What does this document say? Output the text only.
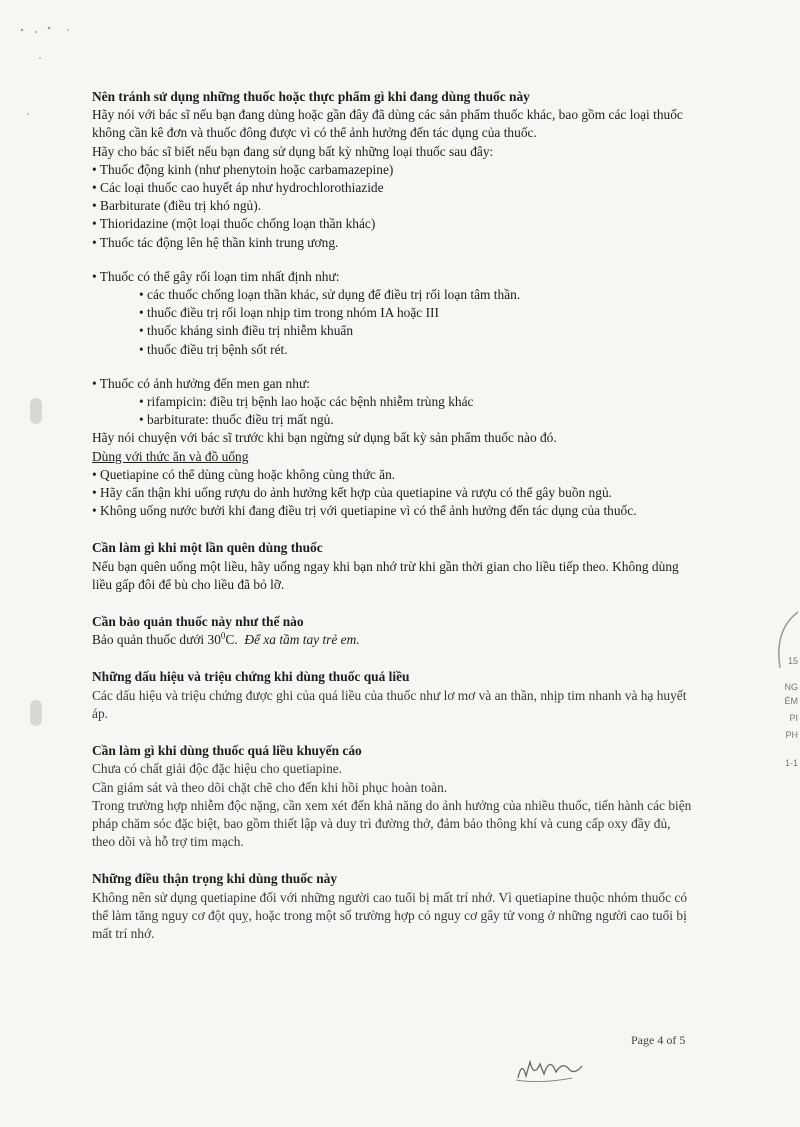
15
NG
ÉM
PI
PH
1-1

Nên tránh sử dụng những thuốc hoặc thực phẩm gì khi đang dùng thuốc này

Hãy nói với bác sĩ nếu bạn đang dùng hoặc gần đây đã dùng các sản phẩm thuốc khác, bao gồm các loại thuốc không cần kê đơn và thuốc đông được vì có thể ảnh hưởng đến tác dụng của thuốc.

Hãy cho bác sĩ biết nếu bạn đang sử dụng bất kỳ những loại thuốc sau đây:

• Thuốc động kinh (như phenytoin hoặc carbamazepine)

• Các loại thuốc cao huyết áp như hydrochlorothiazide

• Barbiturate (điều trị khó ngủ).

• Thioridazine (một loại thuốc chống loạn thần khác)

• Thuốc tác động lên hệ thần kinh trung ương.

• Thuốc có thể gây rối loạn tim nhất định như:

• các thuốc chống loạn thần khác, sử dụng để điều trị rối loạn tâm thần.

• thuốc điều trị rối loạn nhịp tim trong nhóm IA hoặc III

• thuốc kháng sinh điều trị nhiễm khuẩn

• thuốc điều trị bệnh sốt rét.

• Thuốc có ảnh hưởng đến men gan như:

• rifampicin: điều trị bệnh lao hoặc các bệnh nhiễm trùng khác

• barbiturate: thuốc điều trị mất ngủ.

Hãy nói chuyện với bác sĩ trước khi bạn ngừng sử dụng bất kỳ sản phẩm thuốc nào đó.

Dùng với thức ăn và đồ uống

• Quetiapine có thể dùng cùng hoặc không cùng thức ăn.

• Hãy cẩn thận khi uống rượu do ảnh hưởng kết hợp của quetiapine và rượu có thể gây buồn ngủ.

• Không uống nước bưởi khi đang điều trị với quetiapine vì có thể ảnh hưởng đến tác dụng của thuốc.

Cần làm gì khi một lần quên dùng thuốc

Nếu bạn quên uống một liều, hãy uống ngay khi bạn nhớ trừ khi gần thời gian cho liều tiếp theo. Không dùng liều gấp đôi để bù cho liều đã bỏ lỡ.

Cần bảo quản thuốc này như thế nào

Bảo quản thuốc dưới $30^0C$. Để xa tầm tay trẻ em.

Những dấu hiệu và triệu chứng khi dùng thuốc quá liều

Các dấu hiệu và triệu chứng được ghi của quá liều của thuốc như lơ mơ và an thần, nhịp tim nhanh và hạ huyết áp.

Cần làm gì khi dùng thuốc quá liều khuyến cáo

Chưa có chất giải độc đặc hiệu cho quetiapine.

Cần giám sát và theo dõi chặt chẽ cho đến khi hồi phục hoàn toàn.

Trong trường hợp nhiễm độc nặng, cần xem xét đến khả năng do ảnh hưởng của nhiều thuốc, tiến hành các biện pháp chăm sóc đặc biệt, bao gồm thiết lập và duy trì đường thở, đảm bảo thông khí và cung cấp oxy đầy đủ, theo dõi và hỗ trợ tim mạch.

Những điều thận trọng khi dùng thuốc này

Không nên sử dụng quetiapine đối với những người cao tuổi bị mất trí nhớ. Vì quetiapine thuộc nhóm thuốc có thể làm tăng nguy cơ đột quỵ, hoặc trong một số trường hợp có nguy cơ gây tử vong ở những người cao tuổi bị mất trí nhớ.

Page 4 of 5
